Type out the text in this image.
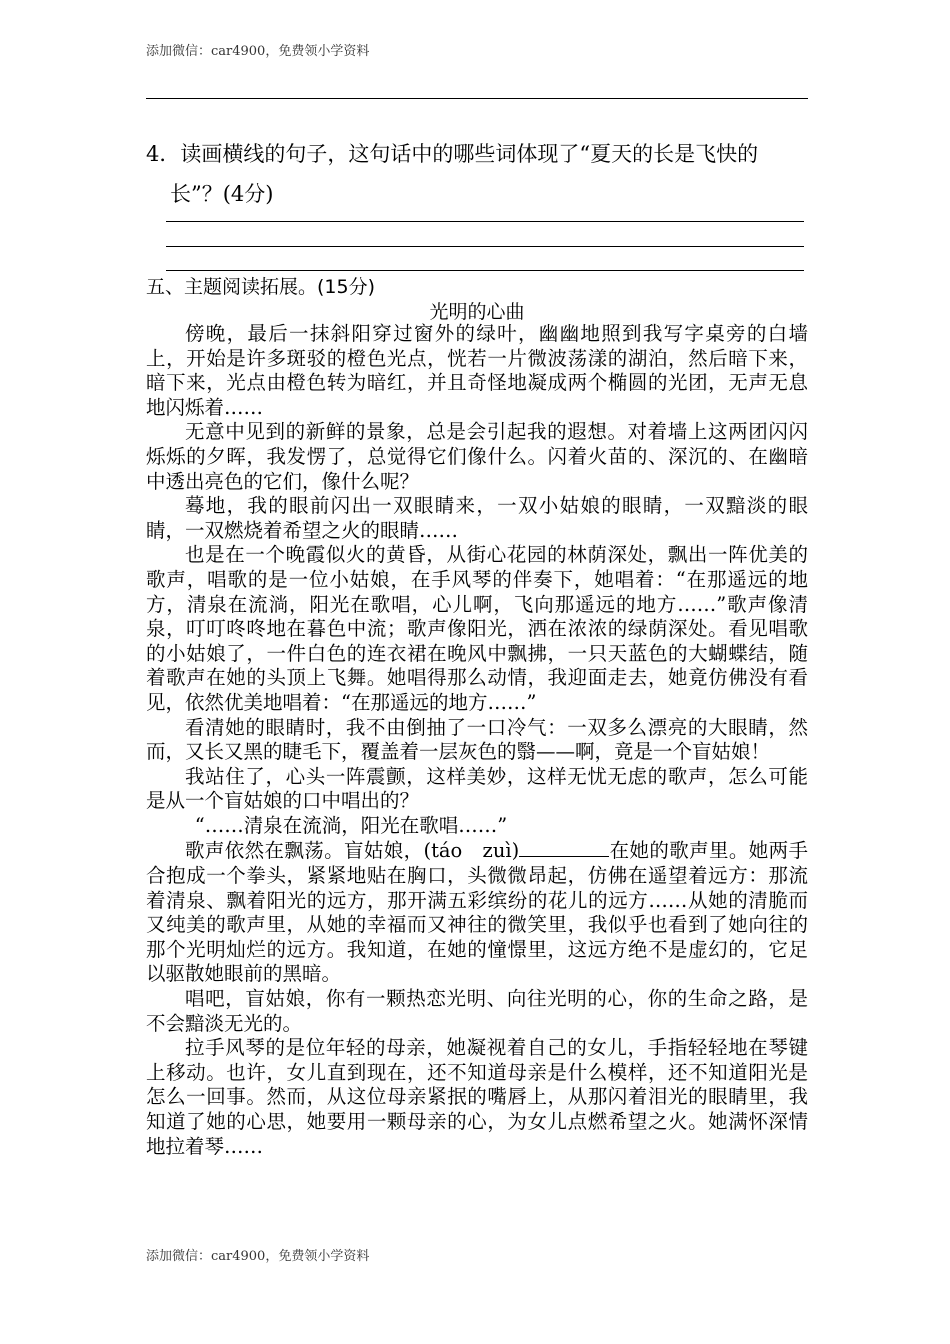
添加微信：car4900，免费领小学资料
4．读画横线的句子，这句话中的哪些词体现了“夏天的长是飞快的
长”？(4分)
五、主题阅读拓展。(15分)
光明的心曲

傍晚，最后一抹斜阳穿过窗外的绿叶，幽幽地照到我写字桌旁的白墙上，开始是许多斑驳的橙色光点，恍若一片微波荡漾的湖泊，然后暗下来，暗下来，光点由橙色转为暗红，并且奇怪地凝成两个椭圆的光团，无声无息地闪烁着……

无意中见到的新鲜的景象，总是会引起我的遐想。对着墙上这两团闪闪烁烁的夕晖，我发愣了，总觉得它们像什么。闪着火苗的、深沉的、在幽暗中透出亮色的它们，像什么呢？

蓦地，我的眼前闪出一双眼睛来，一双小姑娘的眼睛，一双黯淡的眼睛，一双燃烧着希望之火的眼睛……

也是在一个晚霞似火的黄昏，从街心花园的林荫深处，飘出一阵优美的歌声，唱歌的是一位小姑娘，在手风琴的伴奏下，她唱着：“在那遥远的地方，清泉在流淌，阳光在歌唱，心儿啊，飞向那遥远的地方……”歌声像清泉，叮叮咚咚地在暮色中流；歌声像阳光，洒在浓浓的绿荫深处。看见唱歌的小姑娘了，一件白色的连衣裙在晚风中飘拂，一只天蓝色的大蝴蝶结，随着歌声在她的头顶上飞舞。她唱得那么动情，我迎面走去，她竟仿佛没有看见，依然优美地唱着：“在那遥远的地方……”

看清她的眼睛时，我不由倒抽了一口冷气：一双多么漂亮的大眼睛，然而，又长又黑的睫毛下，覆盖着一层灰色的翳——啊，竟是一个盲姑娘！

我站住了，心头一阵震颤，这样美妙，这样无忧无虑的歌声，怎么可能是从一个盲姑娘的口中唱出的？

“……清泉在流淌，阳光在歌唱……”

歌声依然在飘荡。盲姑娘，(táo　zuì)	在她的歌声里。她两手合抱成一个拳头，紧紧地贴在胸口，头微微昂起，仿佛在遥望着远方：那流着清泉、飘着阳光的远方，那开满五彩缤纷的花儿的远方……从她的清脆而又纯美的歌声里，从她的幸福而又神往的微笑里，我似乎也看到了她向往的那个光明灿烂的远方。我知道，在她的憧憬里，这远方绝不是虚幻的，它足以驱散她眼前的黑暗。

唱吧，盲姑娘，你有一颗热恋光明、向往光明的心，你的生命之路，是不会黯淡无光的。

拉手风琴的是位年轻的母亲，她凝视着自己的女儿，手指轻轻地在琴键上移动。也许，女儿直到现在，还不知道母亲是什么模样，还不知道阳光是怎么一回事。然而，从这位母亲紧抿的嘴唇上，从那闪着泪光的眼睛里，我知道了她的心思，她要用一颗母亲的心，为女儿点燃希望之火。她满怀深情地拉着琴……

添加微信：car4900，免费领小学资料
